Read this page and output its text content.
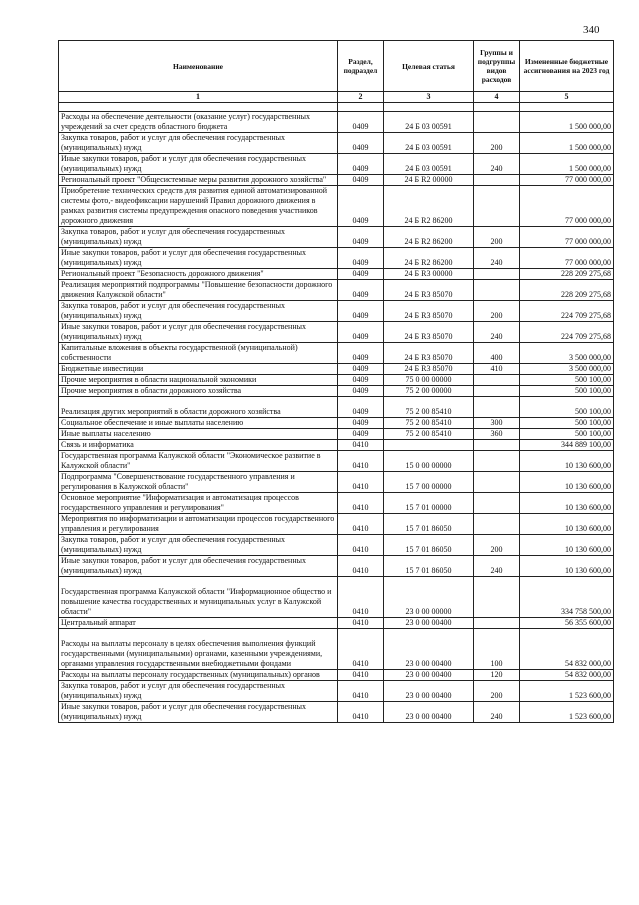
340
Наименование	Раздел, подраздел	Целевая статья	Группы и подгруппы видов расходов	Измененные бюджетные ассигнования на 2023 год
1	2	3	4	5

Расходы на обеспечение деятельности (оказание услуг) государственных учреждений за счет средств областного бюджета	0409	24 Б 03 00591		1 500 000,00
Закупка товаров, работ и услуг для обеспечения государственных (муниципальных) нужд	0409	24 Б 03 00591	200	1 500 000,00
Иные закупки товаров, работ и услуг для обеспечения государственных (муниципальных) нужд	0409	24 Б 03 00591	240	1 500 000,00
Региональный проект "Общесистемные меры развития дорожного хозяйства"	0409	24 Б R2 00000		77 000 000,00
Приобретение технических средств для развития единой автоматизированной системы фото,- видеофиксации нарушений Правил дорожного движения в рамках развития системы предупреждения опасного поведения участников дорожного движения	0409	24 Б R2 86200		77 000 000,00
Закупка товаров, работ и услуг для обеспечения государственных (муниципальных) нужд	0409	24 Б R2 86200	200	77 000 000,00
Иные закупки товаров, работ и услуг для обеспечения государственных (муниципальных) нужд	0409	24 Б R2 86200	240	77 000 000,00
Региональный проект "Безопасность дорожного движения"	0409	24 Б R3 00000		228 209 275,68
Реализация мероприятий подпрограммы "Повышение безопасности дорожного движения Калужской области"	0409	24 Б R3 85070		228 209 275,68
Закупка товаров, работ и услуг для обеспечения государственных (муниципальных) нужд	0409	24 Б R3 85070	200	224 709 275,68
Иные закупки товаров, работ и услуг для обеспечения государственных (муниципальных) нужд	0409	24 Б R3 85070	240	224 709 275,68
Капитальные вложения в объекты государственной (муниципальной) собственности	0409	24 Б R3 85070	400	3 500 000,00
Бюджетные инвестиции	0409	24 Б R3 85070	410	3 500 000,00
Прочие мероприятия в области национальной экономики	0409	75 0 00 00000		500 100,00
Прочие мероприятия в области дорожного хозяйства	0409	75 2 00 00000		500 100,00
Реализация других мероприятий в области дорожного хозяйства	0409	75 2 00 85410		500 100,00
Социальное обеспечение и иные выплаты населению	0409	75 2 00 85410	300	500 100,00
Иные выплаты населению	0409	75 2 00 85410	360	500 100,00
Связь и информатика	0410			344 889 100,00
Государственная программа Калужской области "Экономическое развитие в Калужской области"	0410	15 0 00 00000		10 130 600,00
Подпрограмма "Совершенствование государственного управления и регулирования в Калужской области"	0410	15 7 00 00000		10 130 600,00
Основное мероприятие "Информатизация и автоматизация процессов государственного управления и регулирования"	0410	15 7 01 00000		10 130 600,00
Мероприятия по информатизации и автоматизации процессов государственного управления и регулирования	0410	15 7 01 86050		10 130 600,00
Закупка товаров, работ и услуг для обеспечения государственных (муниципальных) нужд	0410	15 7 01 86050	200	10 130 600,00
Иные закупки товаров, работ и услуг для обеспечения государственных (муниципальных) нужд	0410	15 7 01 86050	240	10 130 600,00
Государственная программа Калужской области "Информационное общество и повышение качества государственных и муниципальных услуг в Калужской области"	0410	23 0 00 00000		334 758 500,00
Центральный аппарат	0410	23 0 00 00400		56 355 600,00
Расходы на выплаты персоналу в целях обеспечения выполнения функций государственными (муниципальными) органами, казенными учреждениями, органами управления государственными внебюджетными фондами	0410	23 0 00 00400	100	54 832 000,00
Расходы на выплаты персоналу государственных (муниципальных) органов	0410	23 0 00 00400	120	54 832 000,00
Закупка товаров, работ и услуг для обеспечения государственных (муниципальных) нужд	0410	23 0 00 00400	200	1 523 600,00
Иные закупки товаров, работ и услуг для обеспечения государственных (муниципальных) нужд	0410	23 0 00 00400	240	1 523 600,00
